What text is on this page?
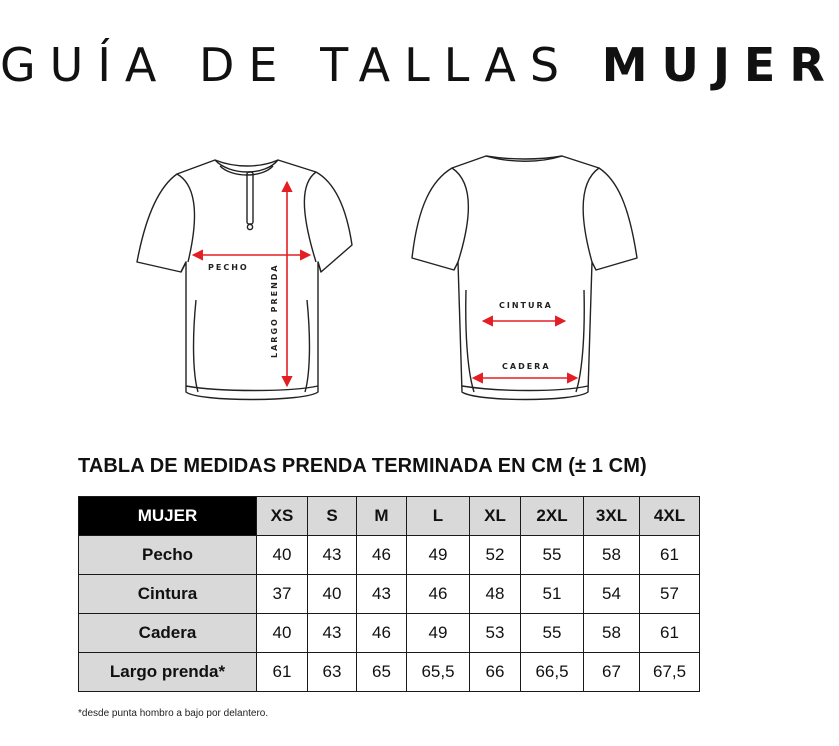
GUÍA DE TALLAS MUJER
PECHO	LARGO PRENDA	CINTURA
CADERA
TABLA DE MEDIDAS PRENDA TERMINADA EN CM (± 1 CM)
MUJER	XS	S	M	L	XL	2XL	3XL	4XL
Pecho	40	43	46	49	52	55	58	61
Cintura	37	40	43	46	48	51	54	57
Cadera	40	43	46	49	53	55	58	61
Largo prenda*	61	63	65	65,5	66	66,5	67	67,5
*desde punta hombro a bajo por delantero.
